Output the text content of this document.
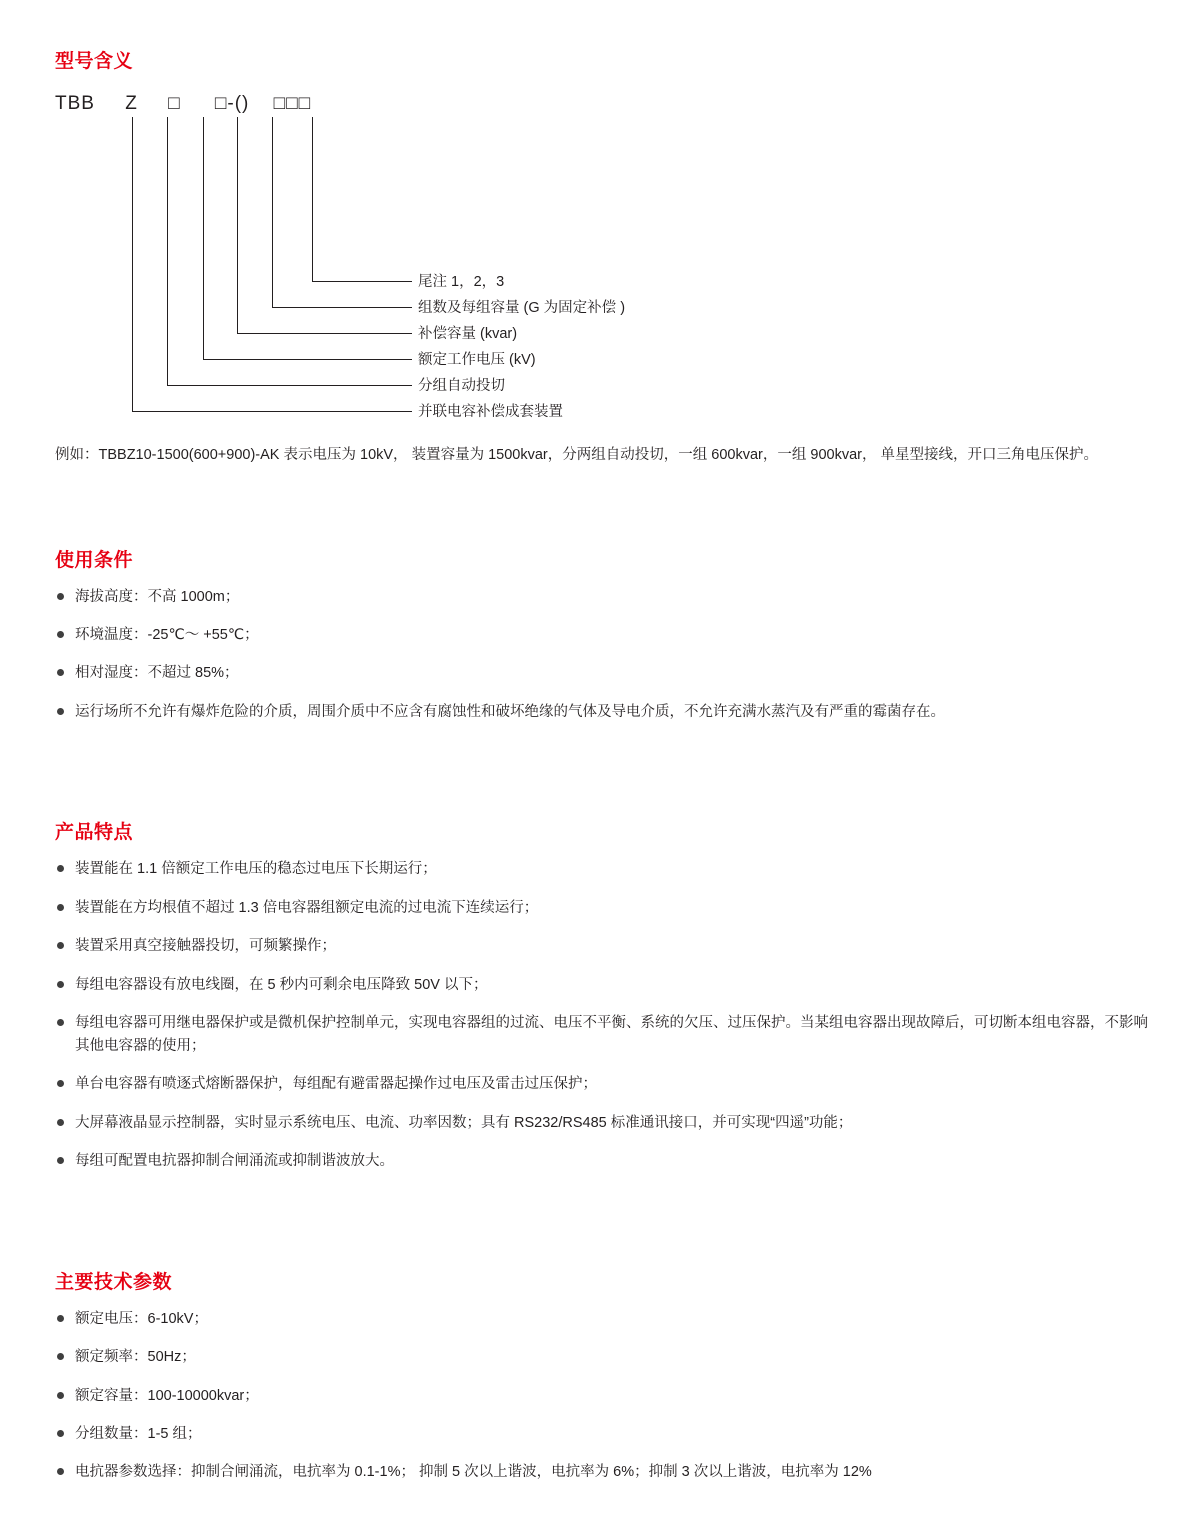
型号含义
TBB Z □ □-() □□□
尾注 1，2，3
组数及每组容量 (G 为固定补偿 )
补偿容量 (kvar)
额定工作电压 (kV)
分组自动投切
并联电容补偿成套装置

例如：TBBZ10-1500(600+900)-AK 表示电压为 10kV， 装置容量为 1500kvar，分两组自动投切，一组 600kvar，一组 900kvar， 单星型接线，开口三角电压保护。

使用条件
海拔高度：不高 1000m；
环境温度：-25℃～ +55℃；
相对湿度：不超过 85%；
运行场所不允许有爆炸危险的介质，周围介质中不应含有腐蚀性和破坏绝缘的气体及导电介质，不允许充满水蒸汽及有严重的霉菌存在。
产品特点
装置能在 1.1 倍额定工作电压的稳态过电压下长期运行；
装置能在方均根值不超过 1.3 倍电容器组额定电流的过电流下连续运行；
装置采用真空接触器投切，可频繁操作；
每组电容器设有放电线圈，在 5 秒内可剩余电压降致 50V 以下；
每组电容器可用继电器保护或是微机保护控制单元，实现电容器组的过流、电压不平衡、系统的欠压、过压保护。当某组电容器出现故障后，可切断本组电容器，不影响其他电容器的使用；
单台电容器有喷逐式熔断器保护，每组配有避雷器起操作过电压及雷击过压保护；
大屏幕液晶显示控制器，实时显示系统电压、电流、功率因数；具有 RS232/RS485 标准通讯接口，并可实现“四遥”功能；
每组可配置电抗器抑制合闸涌流或抑制谐波放大。
主要技术参数
额定电压：6-10kV；
额定频率：50Hz；
额定容量：100-10000kvar；
分组数量：1-5 组；
电抗器参数选择：抑制合闸涌流，电抗率为 0.1-1%； 抑制 5 次以上谐波，电抗率为 6%；抑制 3 次以上谐波，电抗率为 12%
